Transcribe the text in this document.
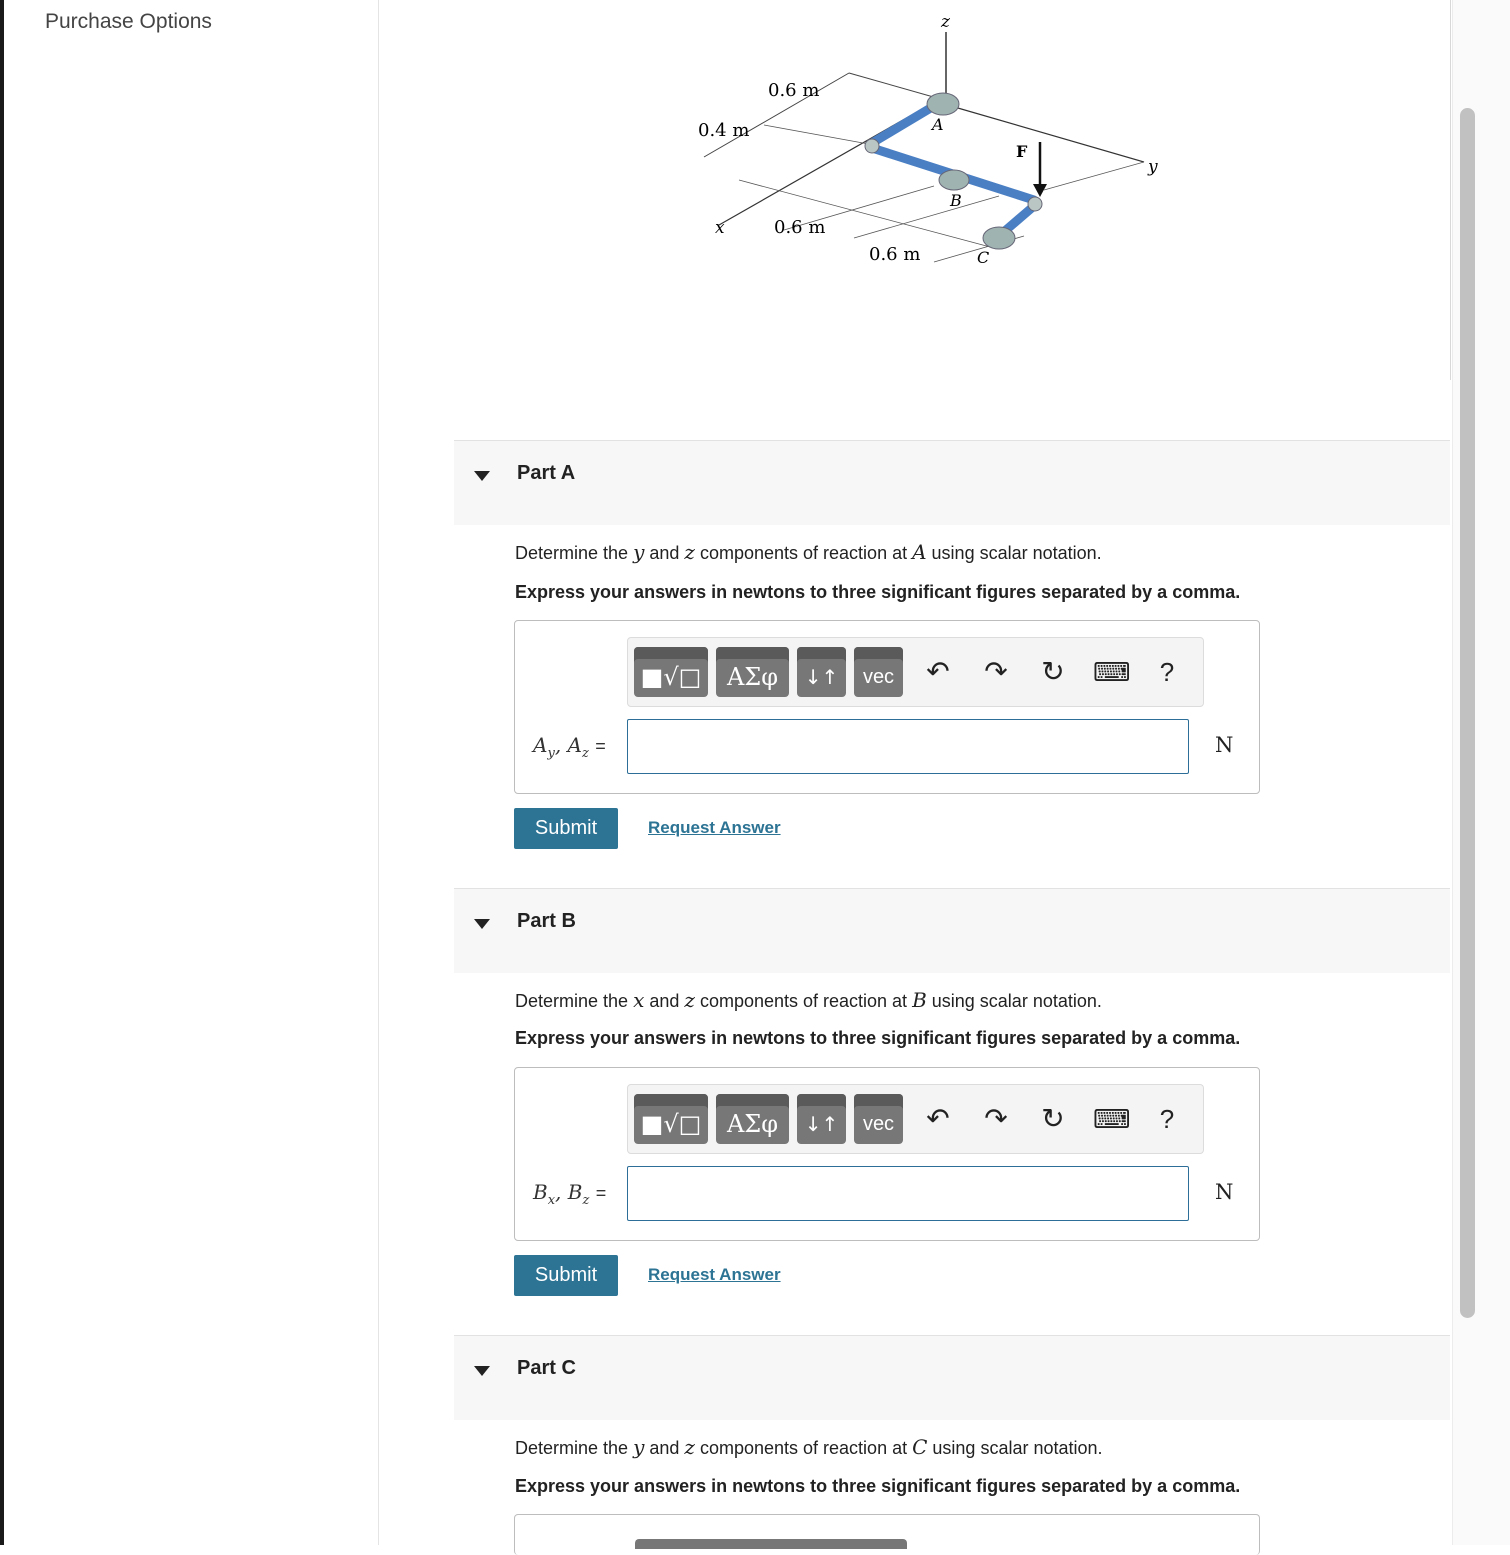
Purchase Options	z
y
x
A
B
C
F
0.6 m
0.4 m
0.6 m
0.6 m
Part A
Determine the y and z components of reaction at A using scalar notation.
Express your answers in newtons to three significant figures separated by a comma.
■√□	ΑΣφ	↓↑	vec	↶ ↷ ↻ ⌨	?
$A_y$, $A_z$ =	N
Submit	Request Answer
Part B
Determine the x and z components of reaction at B using scalar notation.
Express your answers in newtons to three significant figures separated by a comma.
■√□	ΑΣφ	↓↑	vec	↶ ↷ ↻ ⌨	?
$B_x$, $B_z$ =	N
Submit	Request Answer
Part C
Determine the y and z components of reaction at C using scalar notation.
Express your answers in newtons to three significant figures separated by a comma.
